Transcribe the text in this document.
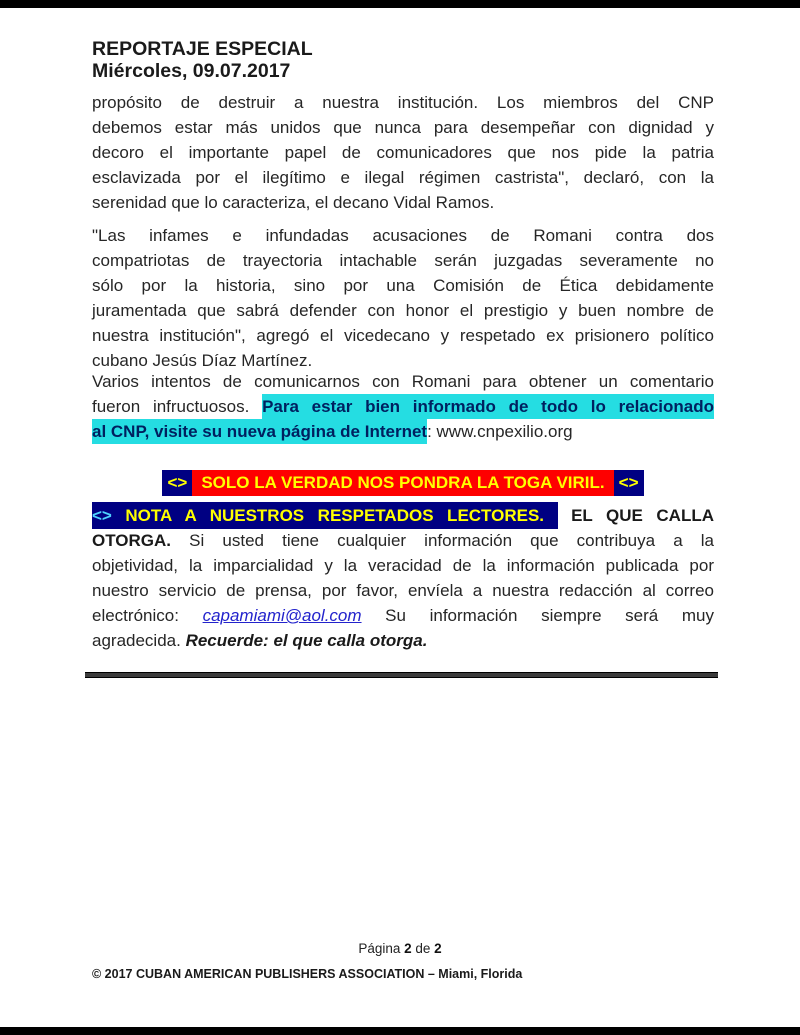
REPORTAJE ESPECIAL
Miércoles, 09.07.2017
propósito de destruir a nuestra institución. Los miembros del CNP
debemos estar más unidos que nunca para desempeñar con dignidad y
decoro el importante papel de comunicadores que nos pide la patria
esclavizada por el ilegítimo e ilegal régimen castrista", declaró, con la
serenidad que lo caracteriza, el decano Vidal Ramos.
"Las infames e infundadas acusaciones de Romani contra dos
compatriotas de trayectoria intachable serán juzgadas severamente no
sólo por la historia, sino por una Comisión de Ética debidamente
juramentada que sabrá defender con honor el prestigio y buen nombre de
nuestra institución", agregó el vicedecano y respetado ex prisionero político
cubano Jesús Díaz Martínez.
Varios intentos de comunicarnos con Romani para obtener un comentario
fueron infructuosos. Para estar bien informado de todo lo relacionado
al CNP, visite su nueva página de Internet: www.cnpexilio.org
<> SOLO LA VERDAD NOS PONDRA LA TOGA VIRIL. <>
<> NOTA A NUESTROS RESPETADOS LECTORES.  EL QUE CALLA
OTORGA. Si usted tiene cualquier información que contribuya a la
objetividad, la imparcialidad y la veracidad de la información publicada por
nuestro servicio de prensa, por favor, envíela a nuestra redacción al correo
electrónico: capamiami@aol.com Su información siempre será muy
agradecida. Recuerde: el que calla otorga.
Página 2 de 2
© 2017 CUBAN AMERICAN PUBLISHERS ASSOCIATION – Miami, Florida
